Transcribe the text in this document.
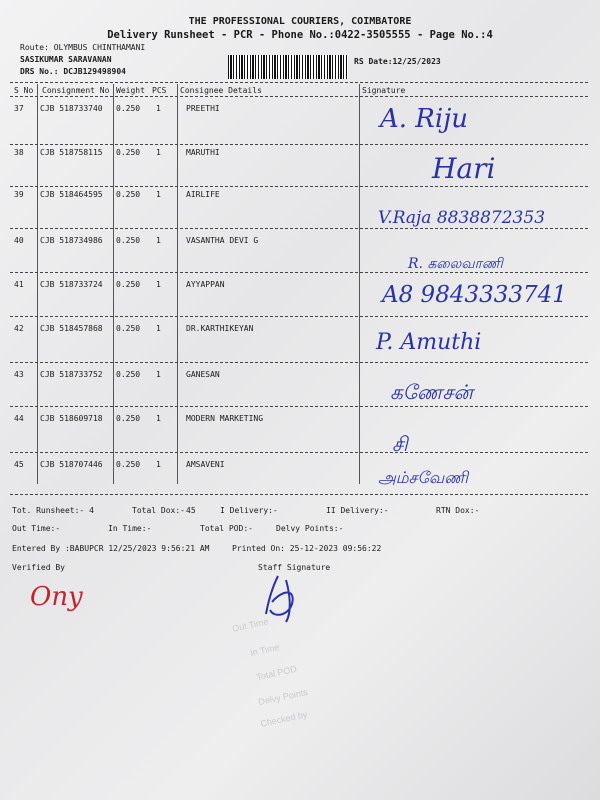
THE PROFESSIONAL COURIERS, COIMBATORE
Delivery Runsheet - PCR - Phone No.:0422-3505555 - Page No.:4
Route: OLYMBUS CHINTHAMANI
SASIKUMAR SARAVANAN
DRS No.: DCJB129498904
RS Date:12/25/2023
S No Consignment No Weight PCS Consignee Details	Signature
37 CJB 518733740 0.250 1	PREETHI	A. Riju
38 CJB 518758115 0.250 1	MARUTHI	Hari
39 CJB 518464595 0.250 1	AIRLIFE
V.Raja 8838872353
40 CJB 518734986 0.250 1	VASANTHA DEVI G
R. கலைவாணி
41 CJB 518733724 0.250 1	AYYAPPAN	A8 9843333741
42 CJB 518457868 0.250 1	DR.KARTHIKEYAN
P. Amuthi
43 CJB 518733752 0.250 1	GANESAN
கணேசன்
44 CJB 518609718 0.250 1	MODERN MARKETING
சி
45 CJB 518707446 0.250 1	AMSAVENI
அம்சவேணி
Tot. Runsheet:- 4	Total Dox:- 45	I Delivery:-	II Delivery:-	RTN Dox:-
Out Time:-	In Time:-	Total POD:-	Delvy Points:-
Entered By :BABUPCR 12/25/2023 9:56:21 AM	Printed On: 25-12-2023 09:56:22
Verified By	Staff Signature
Ony
Out Time
In Time
Total POD
Delvy Points
Checked by
